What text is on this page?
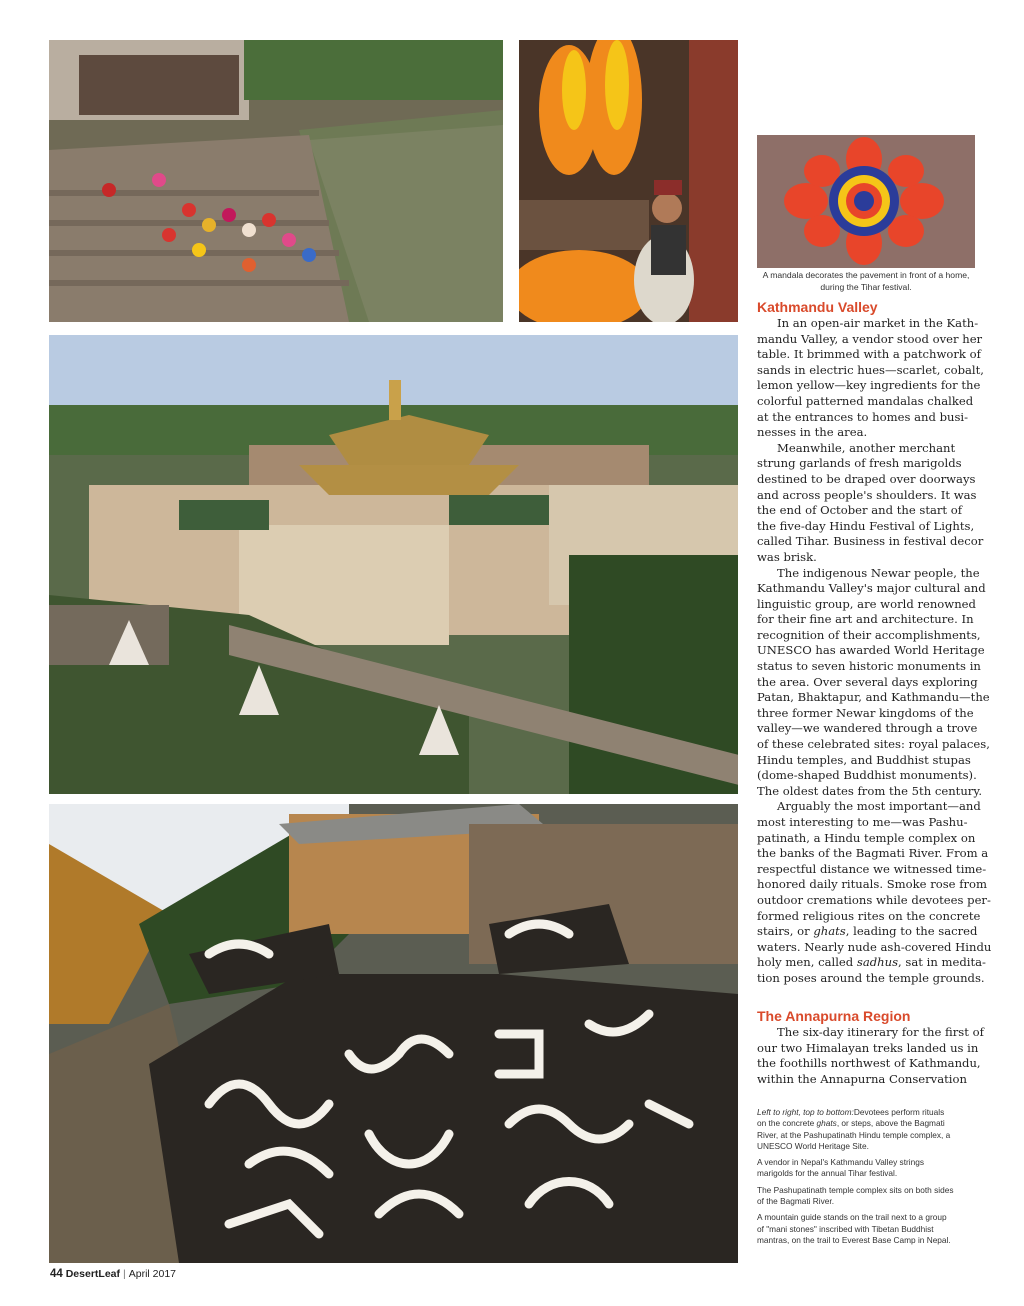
A mandala decorates the pavement in front of a home,
during the Tihar festival.
Kathmandu Valley
In an open-air market in the Kath-
mandu Valley, a vendor stood over her
table. It brimmed with a patchwork of
sands in electric hues—scarlet, cobalt,
lemon yellow—key ingredients for the
colorful patterned mandalas chalked
at the entrances to homes and busi-
nesses in the area.
Meanwhile, another merchant
strung garlands of fresh marigolds
destined to be draped over doorways
and across people's shoulders. It was
the end of October and the start of
the five-day Hindu Festival of Lights,
called Tihar. Business in festival decor
was brisk.
The indigenous Newar people, the
Kathmandu Valley's major cultural and
linguistic group, are world renowned
for their fine art and architecture. In
recognition of their accomplishments,
UNESCO has awarded World Heritage
status to seven historic monuments in
the area. Over several days exploring
Patan, Bhaktapur, and Kathmandu—the
three former Newar kingdoms of the
valley—we wandered through a trove
of these celebrated sites: royal palaces,
Hindu temples, and Buddhist stupas
(dome-shaped Buddhist monuments).
The oldest dates from the 5th century.
Arguably the most important—and
most interesting to me—was Pashu-
patinath, a Hindu temple complex on
the banks of the Bagmati River. From a
respectful distance we witnessed time-
honored daily rituals. Smoke rose from
outdoor cremations while devotees per-
formed religious rites on the concrete
stairs, or ghats, leading to the sacred
waters. Nearly nude ash-covered Hindu
holy men, called sadhus, sat in medita-
tion poses around the temple grounds.
The Annapurna Region
The six-day itinerary for the first of
our two Himalayan treks landed us in
the foothills northwest of Kathmandu,
within the Annapurna Conservation
Left to right, top to bottom:Devotees perform rituals
on the concrete ghats, or steps, above the Bagmati
River, at the Pashupatinath Hindu temple complex, a
UNESCO World Heritage Site.
A vendor in Nepal's Kathmandu Valley strings
marigolds for the annual Tihar festival.
The Pashupatinath temple complex sits on both sides
of the Bagmati River.
A mountain guide stands on the trail next to a group
of "mani stones" inscribed with Tibetan Buddhist
mantras, on the trail to Everest Base Camp in Nepal.
44 DesertLeaf | April 2017
